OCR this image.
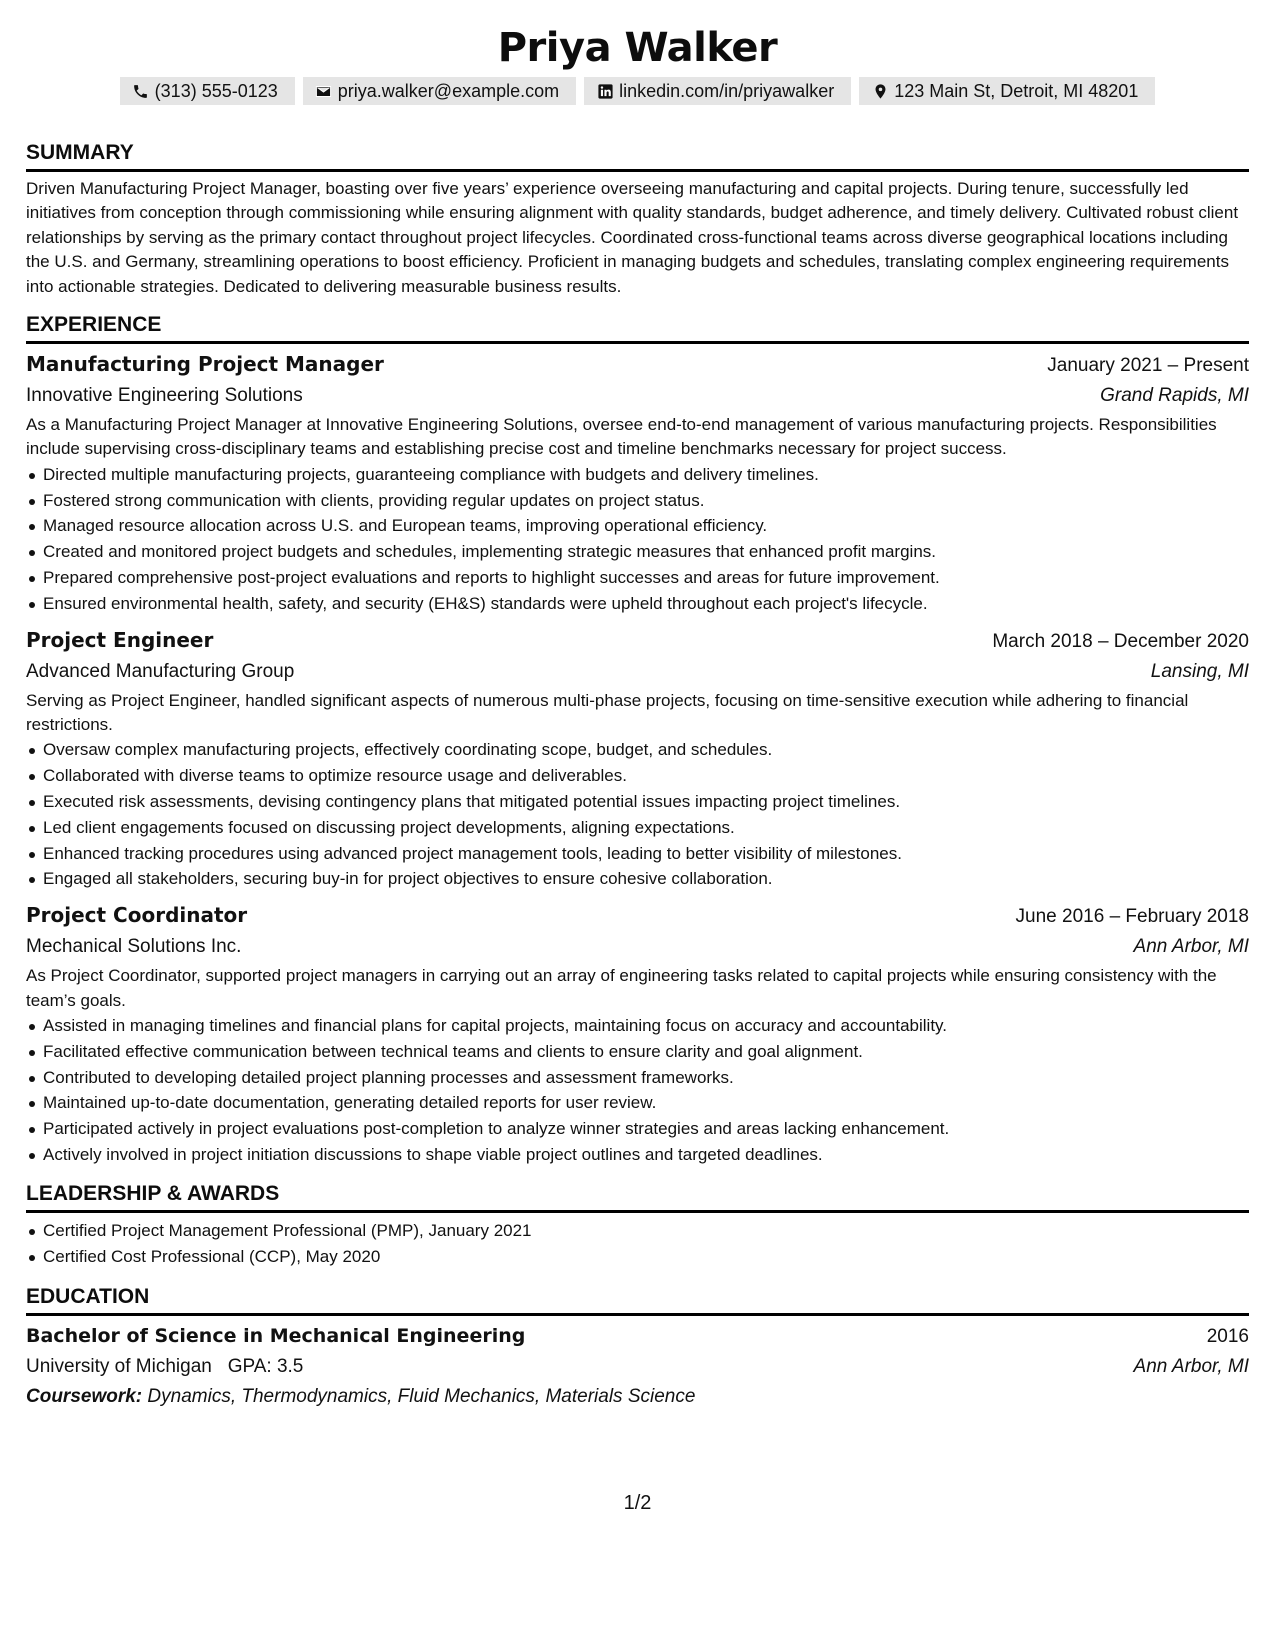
Priya Walker
(313) 555-0123	priya.walker@example.com	linkedin.com/in/priyawalker	123 Main St, Detroit, MI 48201
SUMMARY
Driven Manufacturing Project Manager, boasting over five years’ experience overseeing manufacturing and capital projects. During tenure, successfully led initiatives from conception through commissioning while ensuring alignment with quality standards, budget adherence, and timely delivery. Cultivated robust client relationships by serving as the primary contact throughout project lifecycles. Coordinated cross-functional teams across diverse geographical locations including the U.S. and Germany, streamlining operations to boost efficiency. Proficient in managing budgets and schedules, translating complex engineering requirements into actionable strategies. Dedicated to delivering measurable business results.
EXPERIENCE
Manufacturing Project Manager	January 2021 – Present
Innovative Engineering Solutions	Grand Rapids, MI
As a Manufacturing Project Manager at Innovative Engineering Solutions, oversee end-to-end management of various manufacturing projects. Responsibilities include supervising cross-disciplinary teams and establishing precise cost and timeline benchmarks necessary for project success.
Directed multiple manufacturing projects, guaranteeing compliance with budgets and delivery timelines.
Fostered strong communication with clients, providing regular updates on project status.
Managed resource allocation across U.S. and European teams, improving operational efficiency.
Created and monitored project budgets and schedules, implementing strategic measures that enhanced profit margins.
Prepared comprehensive post-project evaluations and reports to highlight successes and areas for future improvement.
Ensured environmental health, safety, and security (EH&S) standards were upheld throughout each project's lifecycle.
Project Engineer	March 2018 – December 2020
Advanced Manufacturing Group	Lansing, MI
Serving as Project Engineer, handled significant aspects of numerous multi-phase projects, focusing on time-sensitive execution while adhering to financial restrictions.
Oversaw complex manufacturing projects, effectively coordinating scope, budget, and schedules.
Collaborated with diverse teams to optimize resource usage and deliverables.
Executed risk assessments, devising contingency plans that mitigated potential issues impacting project timelines.
Led client engagements focused on discussing project developments, aligning expectations.
Enhanced tracking procedures using advanced project management tools, leading to better visibility of milestones.
Engaged all stakeholders, securing buy-in for project objectives to ensure cohesive collaboration.
Project Coordinator	June 2016 – February 2018
Mechanical Solutions Inc.	Ann Arbor, MI
As Project Coordinator, supported project managers in carrying out an array of engineering tasks related to capital projects while ensuring consistency with the team’s goals.
Assisted in managing timelines and financial plans for capital projects, maintaining focus on accuracy and accountability.
Facilitated effective communication between technical teams and clients to ensure clarity and goal alignment.
Contributed to developing detailed project planning processes and assessment frameworks.
Maintained up-to-date documentation, generating detailed reports for user review.
Participated actively in project evaluations post-completion to analyze winner strategies and areas lacking enhancement.
Actively involved in project initiation discussions to shape viable project outlines and targeted deadlines.
LEADERSHIP & AWARDS
Certified Project Management Professional (PMP), January 2021
Certified Cost Professional (CCP), May 2020
EDUCATION
Bachelor of Science in Mechanical Engineering	2016
University of Michigan GPA: 3.5	Ann Arbor, MI
Coursework: Dynamics, Thermodynamics, Fluid Mechanics, Materials Science
1/2
